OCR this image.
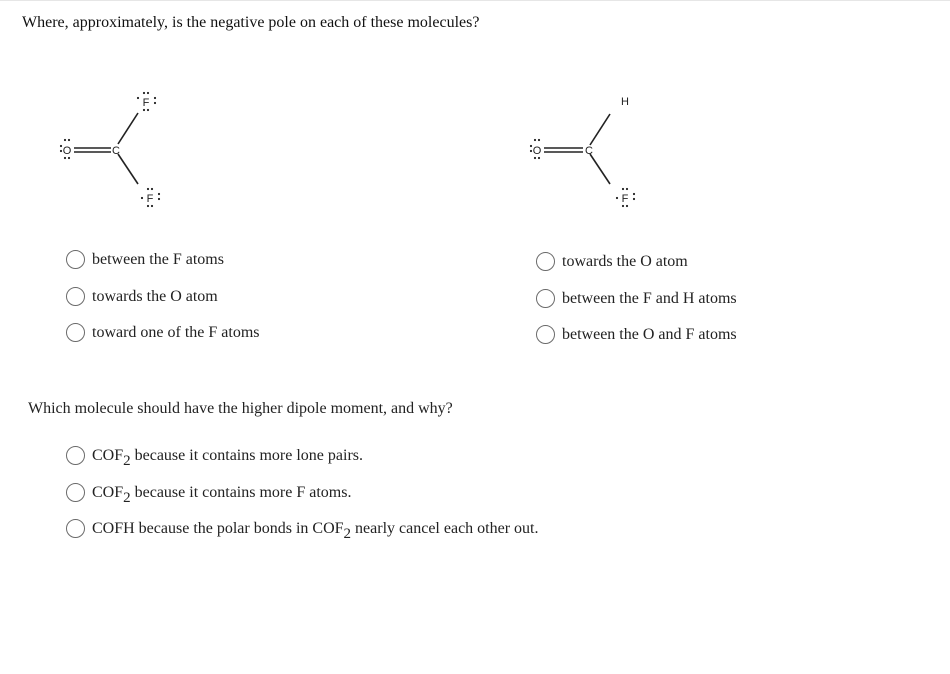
Where, approximately, is the negative pole on each of these molecules?
F
C
O
F
H
C
O
F
between the F atoms
towards the O atom
toward one of the F atoms
towards the O atom
between the F and H atoms
between the O and F atoms
Which molecule should have the higher dipole moment, and why?
$COF_2$ because it contains more lone pairs.
$COF_2$ because it contains more F atoms.
COFH because the polar bonds in $COF_2$ nearly cancel each other out.
